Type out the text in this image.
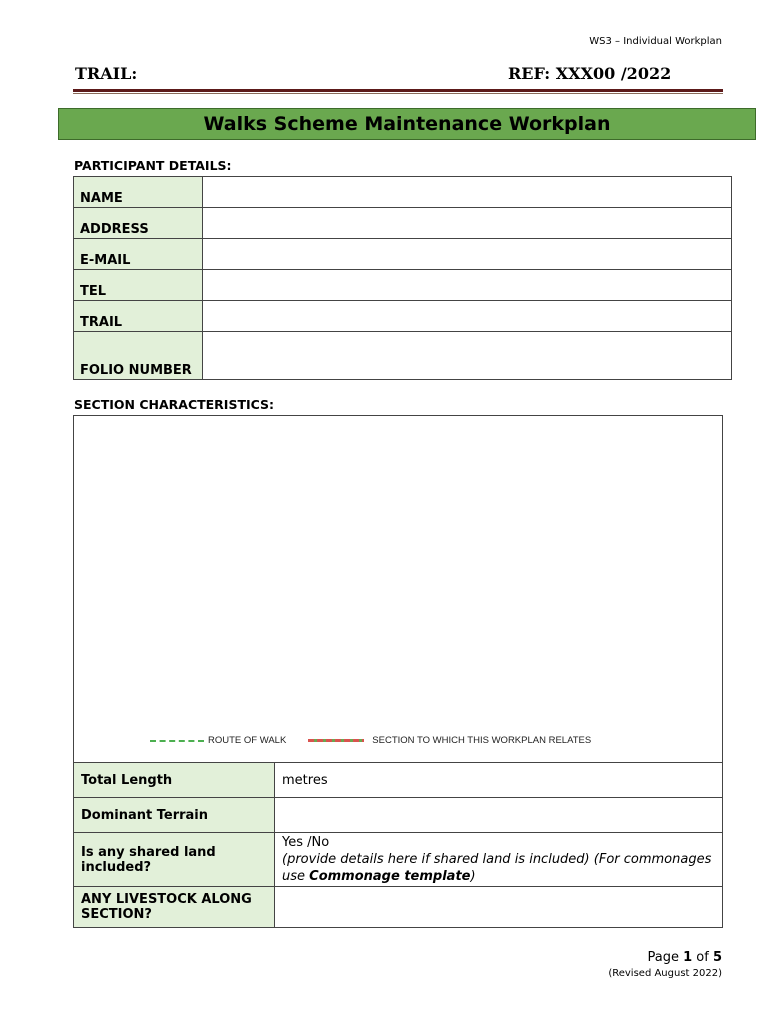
WS3 – Individual Workplan
TRAIL:	REF: XXX00 /2022
Walks Scheme Maintenance Workplan
PARTICIPANT DETAILS:
NAME	
ADDRESS	
E-MAIL	
TEL	
TRAIL	
FOLIO NUMBER	
SECTION CHARACTERISTICS:
ROUTE OF WALK	SECTION TO WHICH THIS WORKPLAN RELATES
Total Length	metres
Dominant Terrain	
Is any shared land included?	Yes /No
(provide details here if shared land is included) (For commonages use Commonage template)
ANY LIVESTOCK ALONG SECTION?	
Page 1 of 5
(Revised August 2022)
